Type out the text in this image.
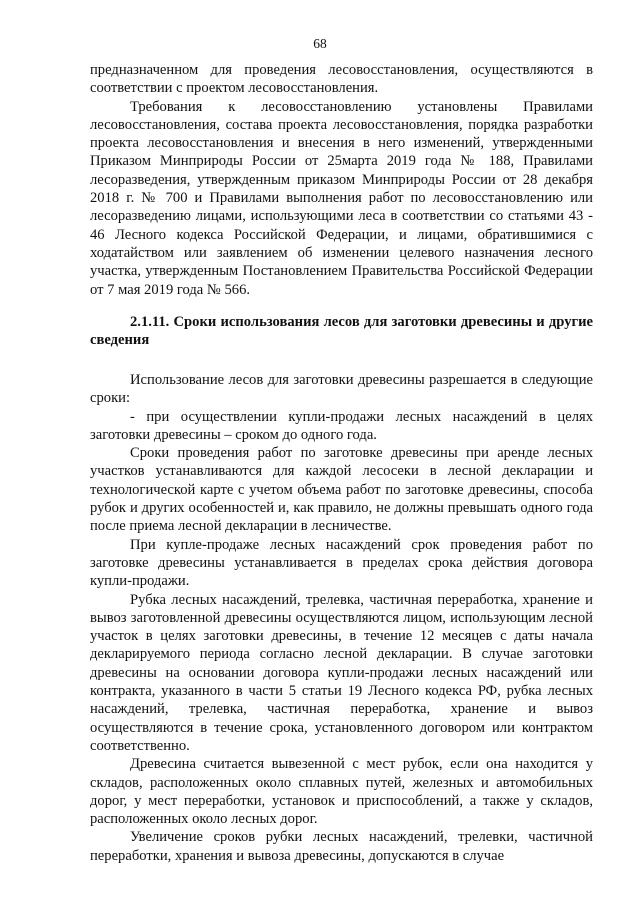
68

предназначенном для проведения лесовосстановления, осуществляются в соответствии с проектом лесовосстановления.

Требования к лесовосстановлению установлены Правилами лесовосстановления, состава проекта лесовосстановления, порядка разработки проекта лесовосстановления и внесения в него изменений, утвержденными Приказом Минприроды России от 25марта 2019 года № 188, Правилами лесоразведения, утвержденным приказом Минприроды России от 28 декабря 2018 г. № 700 и Правилами выполнения работ по лесовосстановлению или лесоразведению лицами, использующими леса в соответствии со статьями 43 - 46 Лесного кодекса Российской Федерации, и лицами, обратившимися с ходатайством или заявлением об изменении целевого назначения лесного участка, утвержденным Постановлением Правительства Российской Федерации от 7 мая 2019 года № 566.

2.1.11. Сроки использования лесов для заготовки древесины и другие сведения

Использование лесов для заготовки древесины разрешается в следующие сроки:

- при осуществлении купли-продажи лесных насаждений в целях заготовки древесины – сроком до одного года.

Сроки проведения работ по заготовке древесины при аренде лесных участков устанавливаются для каждой лесосеки в лесной декларации и технологической карте с учетом объема работ по заготовке древесины, способа рубок и других особенностей и, как правило, не должны превышать одного года после приема лесной декларации в лесничестве.

При купле-продаже лесных насаждений срок проведения работ по заготовке древесины устанавливается в пределах срока действия договора купли-продажи.

Рубка лесных насаждений, трелевка, частичная переработка, хранение и вывоз заготовленной древесины осуществляются лицом, использующим лесной участок в целях заготовки древесины, в течение 12 месяцев с даты начала декларируемого периода согласно лесной декларации. В случае заготовки древесины на основании договора купли-продажи лесных насаждений или контракта, указанного в части 5 статьи 19 Лесного кодекса РФ, рубка лесных насаждений, трелевка, частичная переработка, хранение и вывоз осуществляются в течение срока, установленного договором или контрактом соответственно.

Древесина считается вывезенной с мест рубок, если она находится у складов, расположенных около сплавных путей, железных и автомобильных дорог, у мест переработки, установок и приспособлений, а также у складов, расположенных около лесных дорог.

Увеличение сроков рубки лесных насаждений, трелевки, частичной переработки, хранения и вывоза древесины, допускаются в случае
